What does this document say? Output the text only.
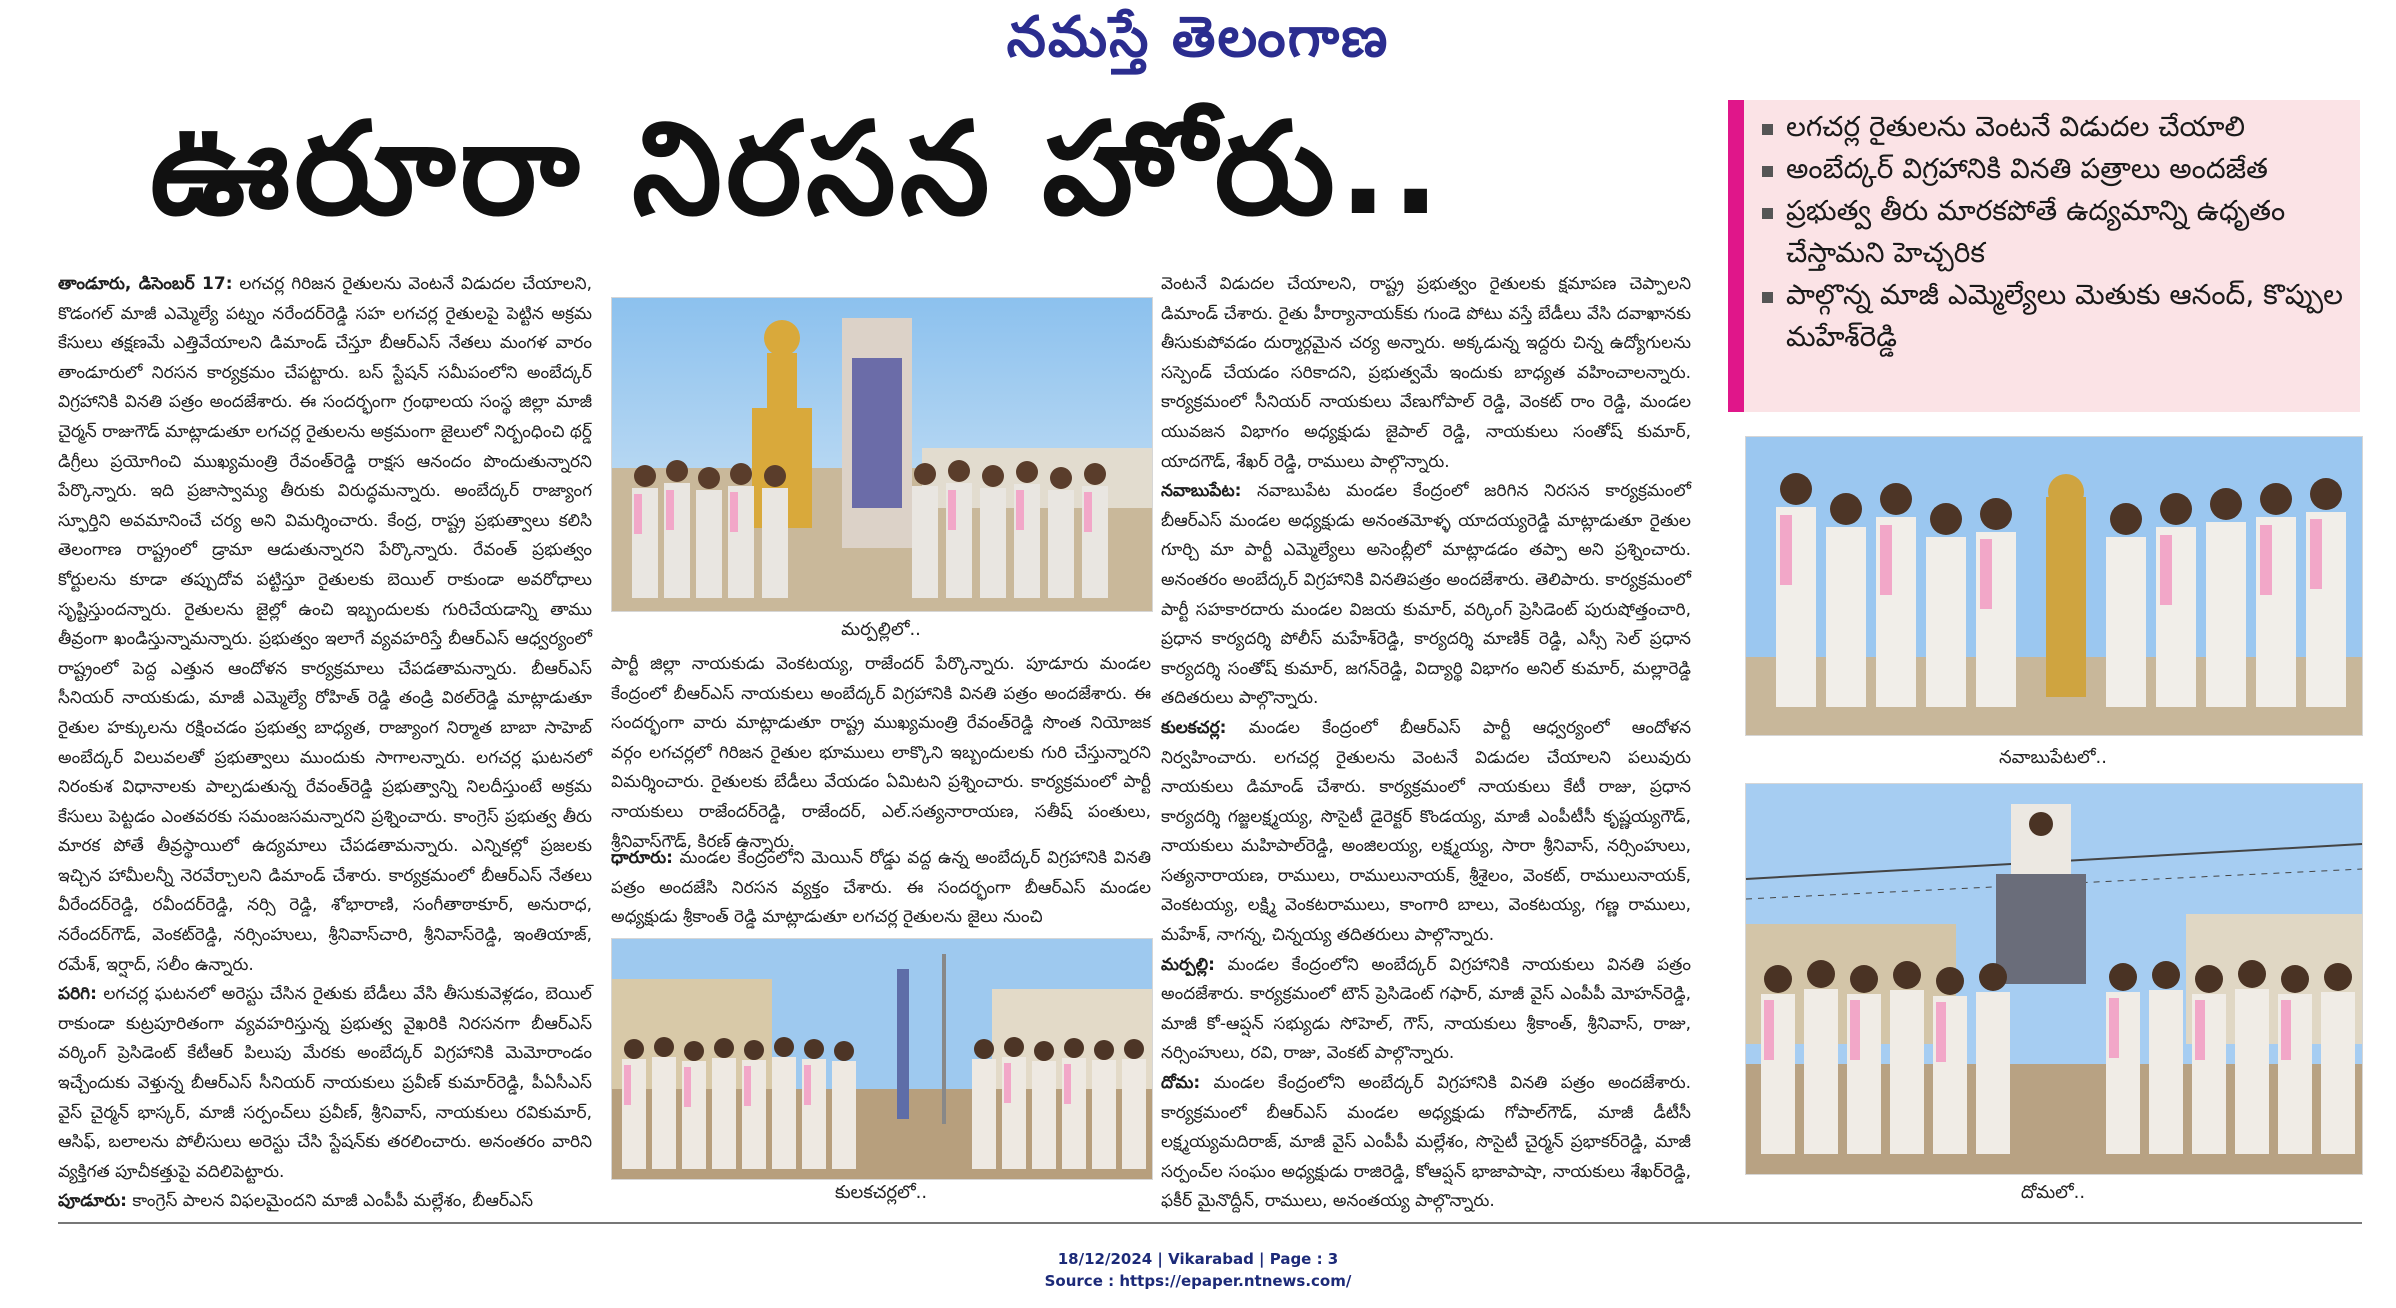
నమస్తే తెలంగాణ
ఊరూరా నిరసన హోరు..	లగచర్ల రైతులను వెంటనే విడుదల చేయాలి
అంబేద్కర్ విగ్రహానికి వినతి పత్రాలు అందజేత
ప్రభుత్వ తీరు మారకపోతే ఉద్యమాన్ని ఉధృతం చేస్తామని హెచ్చరిక
పాల్గొన్న మాజీ ఎమ్మెల్యేలు మెతుకు ఆనంద్, కొప్పుల మహేశ్‌రెడ్డి

తాండూరు, డిసెంబర్ 17: లగచర్ల గిరిజన రైతులను వెంటనే విడుదల చేయాలని, కొడంగల్ మాజీ ఎమ్మెల్యే పట్నం నరేందర్‌రెడ్డి సహ లగచర్ల రైతులపై పెట్టిన అక్రమ కేసులు తక్షణమే ఎత్తివేయాలని డిమాండ్ చేస్తూ బీఆర్ఎస్ నేతలు మంగళ వారం తాండూరులో నిరసన కార్యక్రమం చేపట్టారు. బస్ స్టేషన్ సమీపంలోని అంబేద్కర్ విగ్రహానికి వినతి పత్రం అందజేశారు. ఈ సందర్భంగా గ్రంథాలయ సంస్థ జిల్లా మాజీ చైర్మన్ రాజుగౌడ్ మాట్లాడుతూ లగచర్ల రైతులను అక్రమంగా జైలులో నిర్బంధించి థర్డ్ డిగ్రీలు ప్రయోగించి ముఖ్యమంత్రి రేవంత్‌రెడ్డి రాక్షస ఆనందం పొందుతున్నారని పేర్కొన్నారు. ఇది ప్రజాస్వామ్య తీరుకు విరుద్ధమన్నారు. అంబేద్కర్ రాజ్యాంగ స్ఫూర్తిని అవమానించే చర్య అని విమర్శించారు. కేంద్ర, రాష్ట్ర ప్రభుత్వాలు కలిసి తెలంగాణ రాష్ట్రంలో డ్రామా ఆడుతున్నారని పేర్కొన్నారు. రేవంత్ ప్రభుత్వం కోర్టులను కూడా తప్పుదోవ పట్టిస్తూ రైతులకు బెయిల్ రాకుండా అవరోధాలు సృష్టిస్తుందన్నారు. రైతులను జైల్లో ఉంచి ఇబ్బందులకు గురిచేయడాన్ని తాము తీవ్రంగా ఖండిస్తున్నామన్నారు. ప్రభుత్వం ఇలాగే వ్యవహరిస్తే బీఆర్ఎస్ ఆధ్వర్యంలో రాష్ట్రంలో పెద్ద ఎత్తున ఆందోళన కార్యక్రమాలు చేపడతామన్నారు. బీఆర్ఎస్ సీనియర్ నాయకుడు, మాజీ ఎమ్మెల్యే రోహిత్ రెడ్డి తండ్రి విఠల్‌రెడ్డి మాట్లాడుతూ రైతుల హక్కులను రక్షించడం ప్రభుత్వ బాధ్యత, రాజ్యాంగ నిర్మాత బాబా సాహెబ్ అంబేద్కర్ విలువలతో ప్రభుత్వాలు ముందుకు సాగాలన్నారు. లగచర్ల ఘటనలో నిరంకుశ విధానాలకు పాల్పడుతున్న రేవంత్‌రెడ్డి ప్రభుత్వాన్ని నిలదీస్తుంటే అక్రమ కేసులు పెట్టడం ఎంతవరకు సమంజసమన్నారని ప్రశ్నించారు. కాంగ్రెస్ ప్రభుత్వ తీరు మారక పోతే తీవ్రస్థాయిలో ఉద్యమాలు చేపడతామన్నారు. ఎన్నికల్లో ప్రజలకు ఇచ్చిన హామీలన్నీ నెరవేర్చాలని డిమాండ్ చేశారు. కార్యక్రమంలో బీఆర్ఎస్ నేతలు వీరేందర్‌రెడ్డి, రవీందర్‌రెడ్డి, నర్సి రెడ్డి, శోభారాణి, సంగీతాఠాకూర్, అనురాధ, నరేందర్‌గౌడ్, వెంకట్‌రెడ్డి, నర్సింహులు, శ్రీనివాస్‌చారి, శ్రీనివాస్‌రెడ్డి, ఇంతియాజ్, రమేశ్, ఇర్షాద్, సలీం ఉన్నారు.

పరిగి: లగచర్ల ఘటనలో అరెస్టు చేసిన రైతుకు బేడీలు వేసి తీసుకువెళ్లడం, బెయిల్ రాకుండా కుట్రపూరితంగా వ్యవహరిస్తున్న ప్రభుత్వ వైఖరికి నిరసనగా బీఆర్ఎస్ వర్కింగ్ ప్రెసిడెంట్ కేటీఆర్ పిలుపు మేరకు అంబేద్కర్ విగ్రహానికి మెమోరాండం ఇచ్చేందుకు వెళ్తున్న బీఆర్ఎస్ సీనియర్ నాయకులు ప్రవీణ్ కుమార్‌రెడ్డి, పీఏసీఎస్ వైస్ చైర్మన్ భాస్కర్, మాజీ సర్పంచ్‌లు ప్రవీణ్, శ్రీనివాస్, నాయకులు రవికుమార్, ఆసిఫ్, బలాలను పోలీసులు అరెస్టు చేసి స్టేషన్‌కు తరలించారు. అనంతరం వారిని వ్యక్తిగత పూచీకత్తుపై వదిలిపెట్టారు.

పూడూరు: కాంగ్రెస్ పాలన విఫలమైందని మాజీ ఎంపీపీ మల్లేశం, బీఆర్ఎస్

మర్పల్లిలో..

పార్టీ జిల్లా నాయకుడు వెంకటయ్య, రాజేందర్ పేర్కొన్నారు. పూడూరు మండల కేంద్రంలో బీఆర్ఎస్ నాయకులు అంబేద్కర్ విగ్రహానికి వినతి పత్రం అందజేశారు. ఈ సందర్భంగా వారు మాట్లాడుతూ రాష్ట్ర ముఖ్యమంత్రి రేవంత్‌రెడ్డి సొంత నియోజక వర్గం లగచర్లలో గిరిజన రైతుల భూములు లాక్కొని ఇబ్బందులకు గురి చేస్తున్నారని విమర్శించారు. రైతులకు బేడీలు వేయడం ఏమిటని ప్రశ్నించారు. కార్యక్రమంలో పార్టీ నాయకులు రాజేందర్‌రెడ్డి, రాజేందర్, ఎల్.సత్యనారాయణ, సతీష్ పంతులు, శ్రీనివాస్‌గౌడ్, కిరణ్ ఉన్నారు.

ధారూరు: మండల కేంద్రంలోని మెయిన్ రోడ్డు వద్ద ఉన్న అంబేద్కర్ విగ్రహానికి వినతి పత్రం అందజేసి నిరసన వ్యక్తం చేశారు. ఈ సందర్భంగా బీఆర్ఎస్ మండల అధ్యక్షుడు శ్రీకాంత్ రెడ్డి మాట్లాడుతూ లగచర్ల రైతులను జైలు నుంచి

కులకచర్లలో..

వెంటనే విడుదల చేయాలని, రాష్ట్ర ప్రభుత్వం రైతులకు క్షమాపణ చెప్పాలని డిమాండ్ చేశారు. రైతు హీర్యానాయక్‌కు గుండె పోటు వస్తే బేడీలు వేసి దవాఖానకు తీసుకుపోవడం దుర్మార్గమైన చర్య అన్నారు. అక్కడున్న ఇద్దరు చిన్న ఉద్యోగులను సస్పెండ్ చేయడం సరికాదని, ప్రభుత్వమే ఇందుకు బాధ్యత వహించాలన్నారు. కార్యక్రమంలో సీనియర్ నాయకులు వేణుగోపాల్ రెడ్డి, వెంకట్ రాం రెడ్డి, మండల యువజన విభాగం అధ్యక్షుడు జైపాల్ రెడ్డి, నాయకులు సంతోష్ కుమార్, యాదగౌడ్, శేఖర్ రెడ్డి, రాములు పాల్గొన్నారు.

నవాబుపేట: నవాబుపేట మండల కేంద్రంలో జరిగిన నిరసన కార్యక్రమంలో బీఆర్ఎస్ మండల అధ్యక్షుడు అనంతమోళ్ళ యాదయ్యరెడ్డి మాట్లాడుతూ రైతుల గూర్చి మా పార్టీ ఎమ్మెల్యేలు అసెంబ్లీలో మాట్లాడడం తప్పా అని ప్రశ్నించారు. అనంతరం అంబేద్కర్ విగ్రహానికి వినతిపత్రం అందజేశారు. తెలిపారు. కార్యక్రమంలో పార్టీ సహకారదారు మండల విజయ కుమార్, వర్కింగ్ ప్రెసిడెంట్ పురుషోత్తంచారి, ప్రధాన కార్యదర్శి పోలీస్ మహేశ్‌రెడ్డి, కార్యదర్శి మాణిక్ రెడ్డి, ఎస్సీ సెల్ ప్రధాన కార్యదర్శి సంతోష్ కుమార్, జగన్‌రెడ్డి, విద్యార్థి విభాగం అనిల్ కుమార్, మల్లారెడ్డి తదితరులు పాల్గొన్నారు.

కులకచర్ల: మండల కేంద్రంలో బీఆర్ఎస్ పార్టీ ఆధ్వర్యంలో ఆందోళన నిర్వహించారు. లగచర్ల రైతులను వెంటనే విడుదల చేయాలని పలువురు నాయకులు డిమాండ్ చేశారు. కార్యక్రమంలో నాయకులు కేటీ రాజు, ప్రధాన కార్యదర్శి గజ్జలక్ష్మయ్య, సొసైటీ డైరెక్టర్ కొండయ్య, మాజీ ఎంపీటీసీ కృష్ణయ్యగౌడ్, నాయకులు మహిపాల్‌రెడ్డి, అంజిలయ్య, లక్ష్మయ్య, సారా శ్రీనివాస్, నర్సింహులు, సత్యనారాయణ, రాములు, రాములునాయక్, శ్రీశైలం, వెంకట్, రాములునాయక్, వెంకటయ్య, లక్ష్మి వెంకటరాములు, కాంగారి బాలు, వెంకటయ్య, గణ్ణ రాములు, మహేశ్, నాగన్న, చిన్నయ్య తదితరులు పాల్గొన్నారు.

మర్పల్లి: మండల కేంద్రంలోని అంబేద్కర్ విగ్రహానికి నాయకులు వినతి పత్రం అందజేశారు. కార్యక్రమంలో టౌన్ ప్రెసిడెంట్ గఫార్, మాజీ వైస్ ఎంపీపీ మోహన్‌రెడ్డి, మాజీ కో-ఆప్షన్ సభ్యుడు సోహెల్, గౌస్, నాయకులు శ్రీకాంత్, శ్రీనివాస్, రాజు, నర్సింహులు, రవి, రాజు, వెంకట్ పాల్గొన్నారు.

దోమ: మండల కేంద్రంలోని అంబేద్కర్ విగ్రహానికి వినతి పత్రం అందజేశారు. కార్యక్రమంలో బీఆర్ఎస్ మండల అధ్యక్షుడు గోపాల్‌గౌడ్, మాజీ డీటీసీ లక్ష్మయ్యమదిరాజ్, మాజీ వైస్ ఎంపీపీ మల్లేశం, సొసైటీ చైర్మన్ ప్రభాకర్‌రెడ్డి, మాజీ సర్పంచ్‌ల సంఘం అధ్యక్షుడు రాజిరెడ్డి, కోఆప్షన్ భాజాపాషా, నాయకులు శేఖర్‌రెడ్డి, ఫకీర్ మైనొద్దీన్, రాములు, అనంతయ్య పాల్గొన్నారు.

నవాబుపేటలో..
దోమలో..
18/12/2024 | Vikarabad | Page : 3
Source : https://epaper.ntnews.com/
